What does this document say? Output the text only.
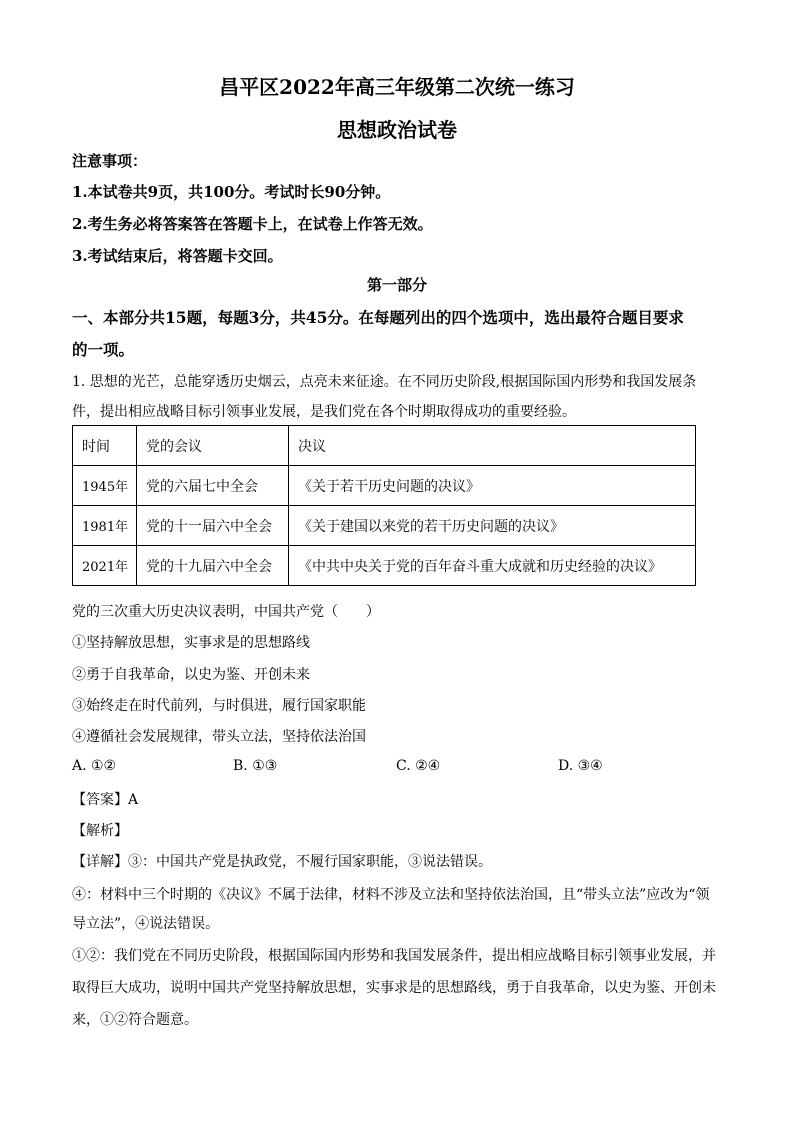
昌平区2022年高三年级第二次统一练习
思想政治试卷
注意事项：
1.本试卷共9页，共100分。考试时长90分钟。
2.考生务必将答案答在答题卡上，在试卷上作答无效。
3.考试结束后，将答题卡交回。
第一部分
一、本部分共15题，每题3分，共45分。在每题列出的四个选项中，选出最符合题目要求
的一项。
1. 思想的光芒，总能穿透历史烟云，点亮未来征途。在不同历史阶段,根据国际国内形势和我国发展条
件，提出相应战略目标引领事业发展，是我们党在各个时期取得成功的重要经验。
时间	党的会议	决议
1945年	党的六届七中全会	《关于若干历史问题的决议》
1981年	党的十一届六中全会	《关于建国以来党的若干历史问题的决议》
2021年	党的十九届六中全会	《中共中央关于党的百年奋斗重大成就和历史经验的决议》
党的三次重大历史决议表明，中国共产党（　　）
①坚持解放思想，实事求是的思想路线
②勇于自我革命，以史为鉴、开创未来
③始终走在时代前列，与时俱进，履行国家职能
④遵循社会发展规律，带头立法，坚持依法治国
A. ①②	B. ①③	C. ②④	D. ③④
【答案】A
【解析】
【详解】③：中国共产党是执政党，不履行国家职能，③说法错误。
④：材料中三个时期的《决议》不属于法律，材料不涉及立法和坚持依法治国，且“带头立法”应改为“领
导立法”，④说法错误。
①②：我们党在不同历史阶段，根据国际国内形势和我国发展条件，提出相应战略目标引领事业发展，并
取得巨大成功，说明中国共产党坚持解放思想，实事求是的思想路线，勇于自我革命，以史为鉴、开创未
来，①②符合题意。
